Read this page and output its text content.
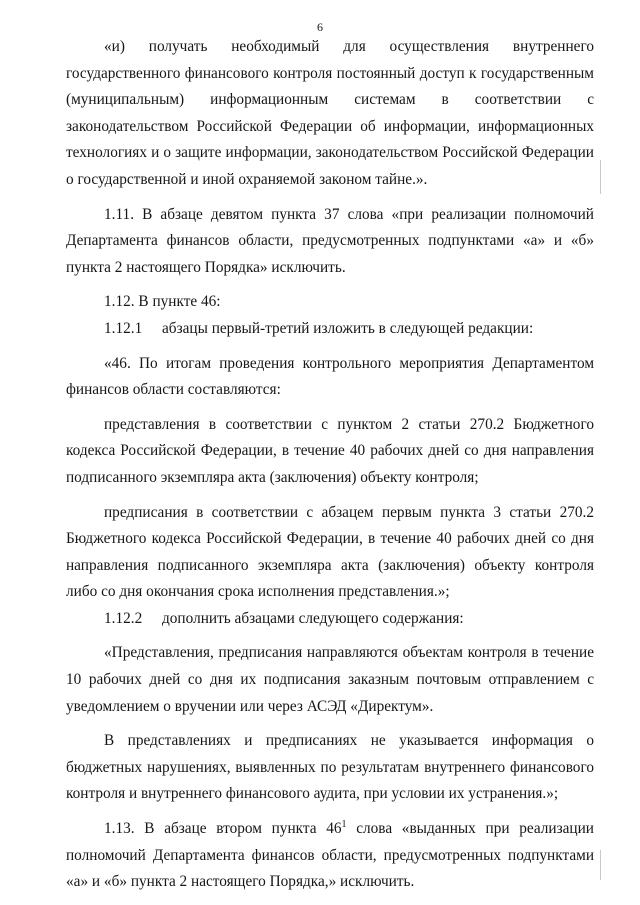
6

«и) получать необходимый для осуществления внутреннего государственного финансового контроля постоянный доступ к государственным (муниципальным) информационным системам в соответствии с законодательством Российской Федерации об информации, информационных технологиях и о защите информации, законодательством Российской Федерации о государственной и иной охраняемой законом тайне.».

1.11. В абзаце девятом пункта 37 слова «при реализации полномочий Департамента финансов области, предусмотренных подпунктами «а» и «б» пункта 2 настоящего Порядка» исключить.

1.12. В пункте 46:

1.12.1 абзацы первый-третий изложить в следующей редакции:

«46. По итогам проведения контрольного мероприятия Департаментом финансов области составляются:

представления в соответствии с пунктом 2 статьи 270.2 Бюджетного кодекса Российской Федерации, в течение 40 рабочих дней со дня направления подписанного экземпляра акта (заключения) объекту контроля;

предписания в соответствии с абзацем первым пункта 3 статьи 270.2 Бюджетного кодекса Российской Федерации, в течение 40 рабочих дней со дня направления подписанного экземпляра акта (заключения) объекту контроля либо со дня окончания срока исполнения представления.»;

1.12.2 дополнить абзацами следующего содержания:

«Представления, предписания направляются объектам контроля в течение 10 рабочих дней со дня их подписания заказным почтовым отправлением с уведомлением о вручении или через АСЭД «Директум».

В представлениях и предписаниях не указывается информация о бюджетных нарушениях, выявленных по результатам внутреннего финансового контроля и внутреннего финансового аудита, при условии их устранения.»;

1.13. В абзаце втором пункта $46^1$ слова «выданных при реализации полномочий Департамента финансов области, предусмотренных подпунктами «а» и «б» пункта 2 настоящего Порядка,» исключить.
